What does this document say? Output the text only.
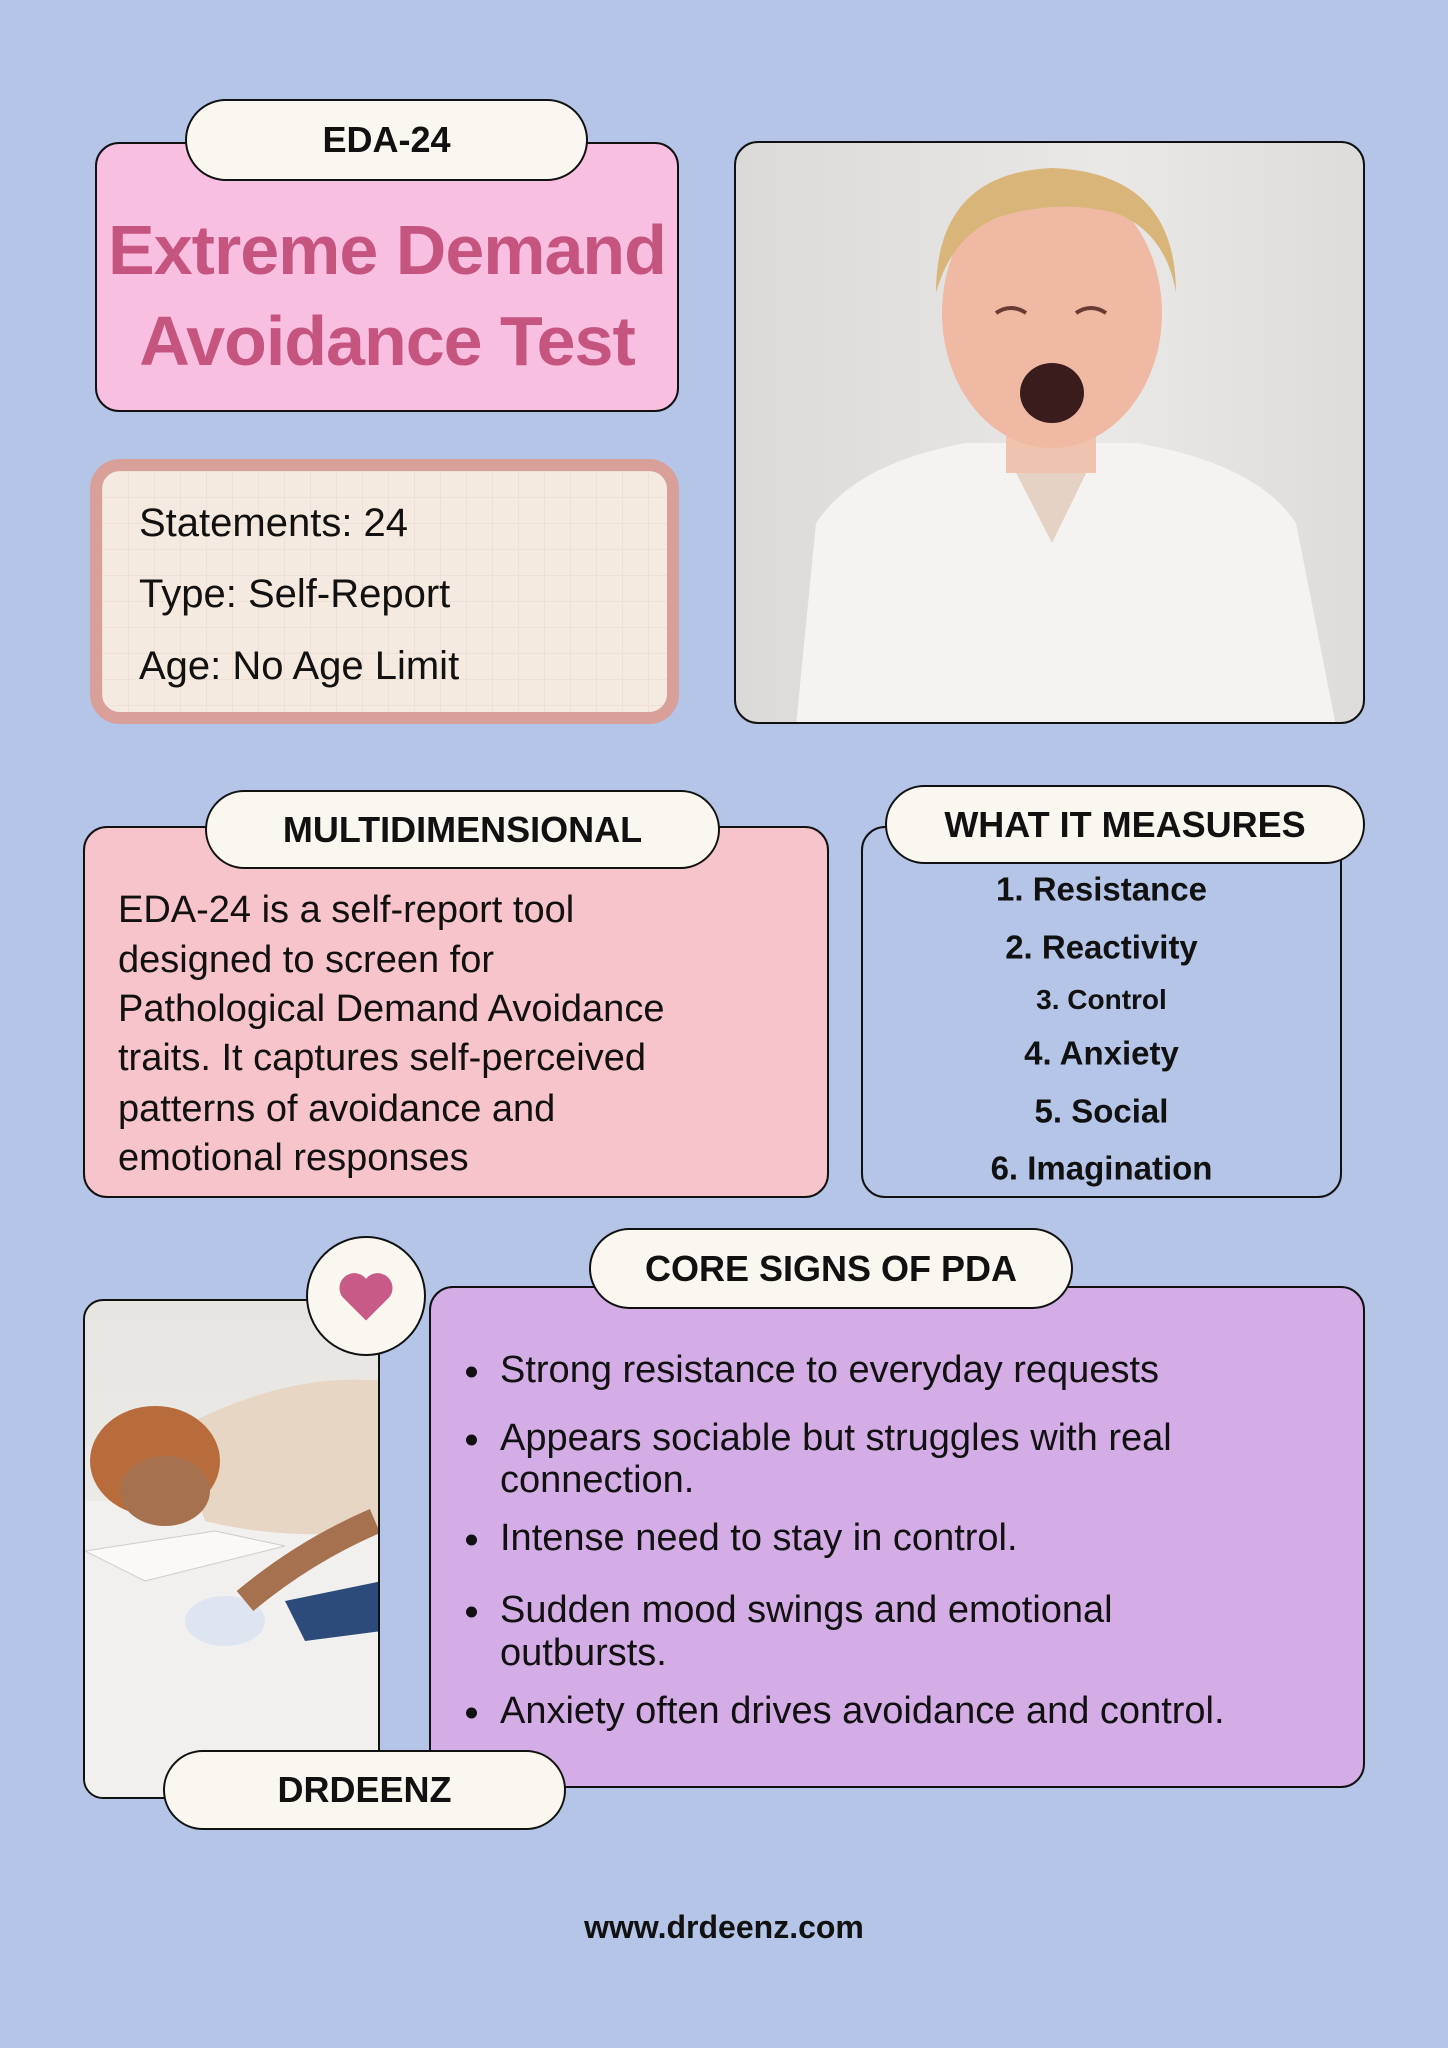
EDA-24
Extreme Demand
Avoidance Test
Statements: 24
Type: Self-Report
Age: No Age Limit
MULTIDIMENSIONAL
EDA-24 is a self-report tool
designed to screen for
Pathological Demand Avoidance
traits. It captures self-perceived
patterns of avoidance and
emotional responses
WHAT IT MEASURES
1. Resistance
2. Reactivity
3. Control
4. Anxiety
5. Social
6. Imagination
CORE SIGNS OF PDA
Strong resistance to everyday requests
Appears sociable but struggles with real
connection.
Intense need to stay in control.
Sudden mood swings and emotional
outbursts.
Anxiety often drives avoidance and control.
DRDEENZ
www.drdeenz.com
